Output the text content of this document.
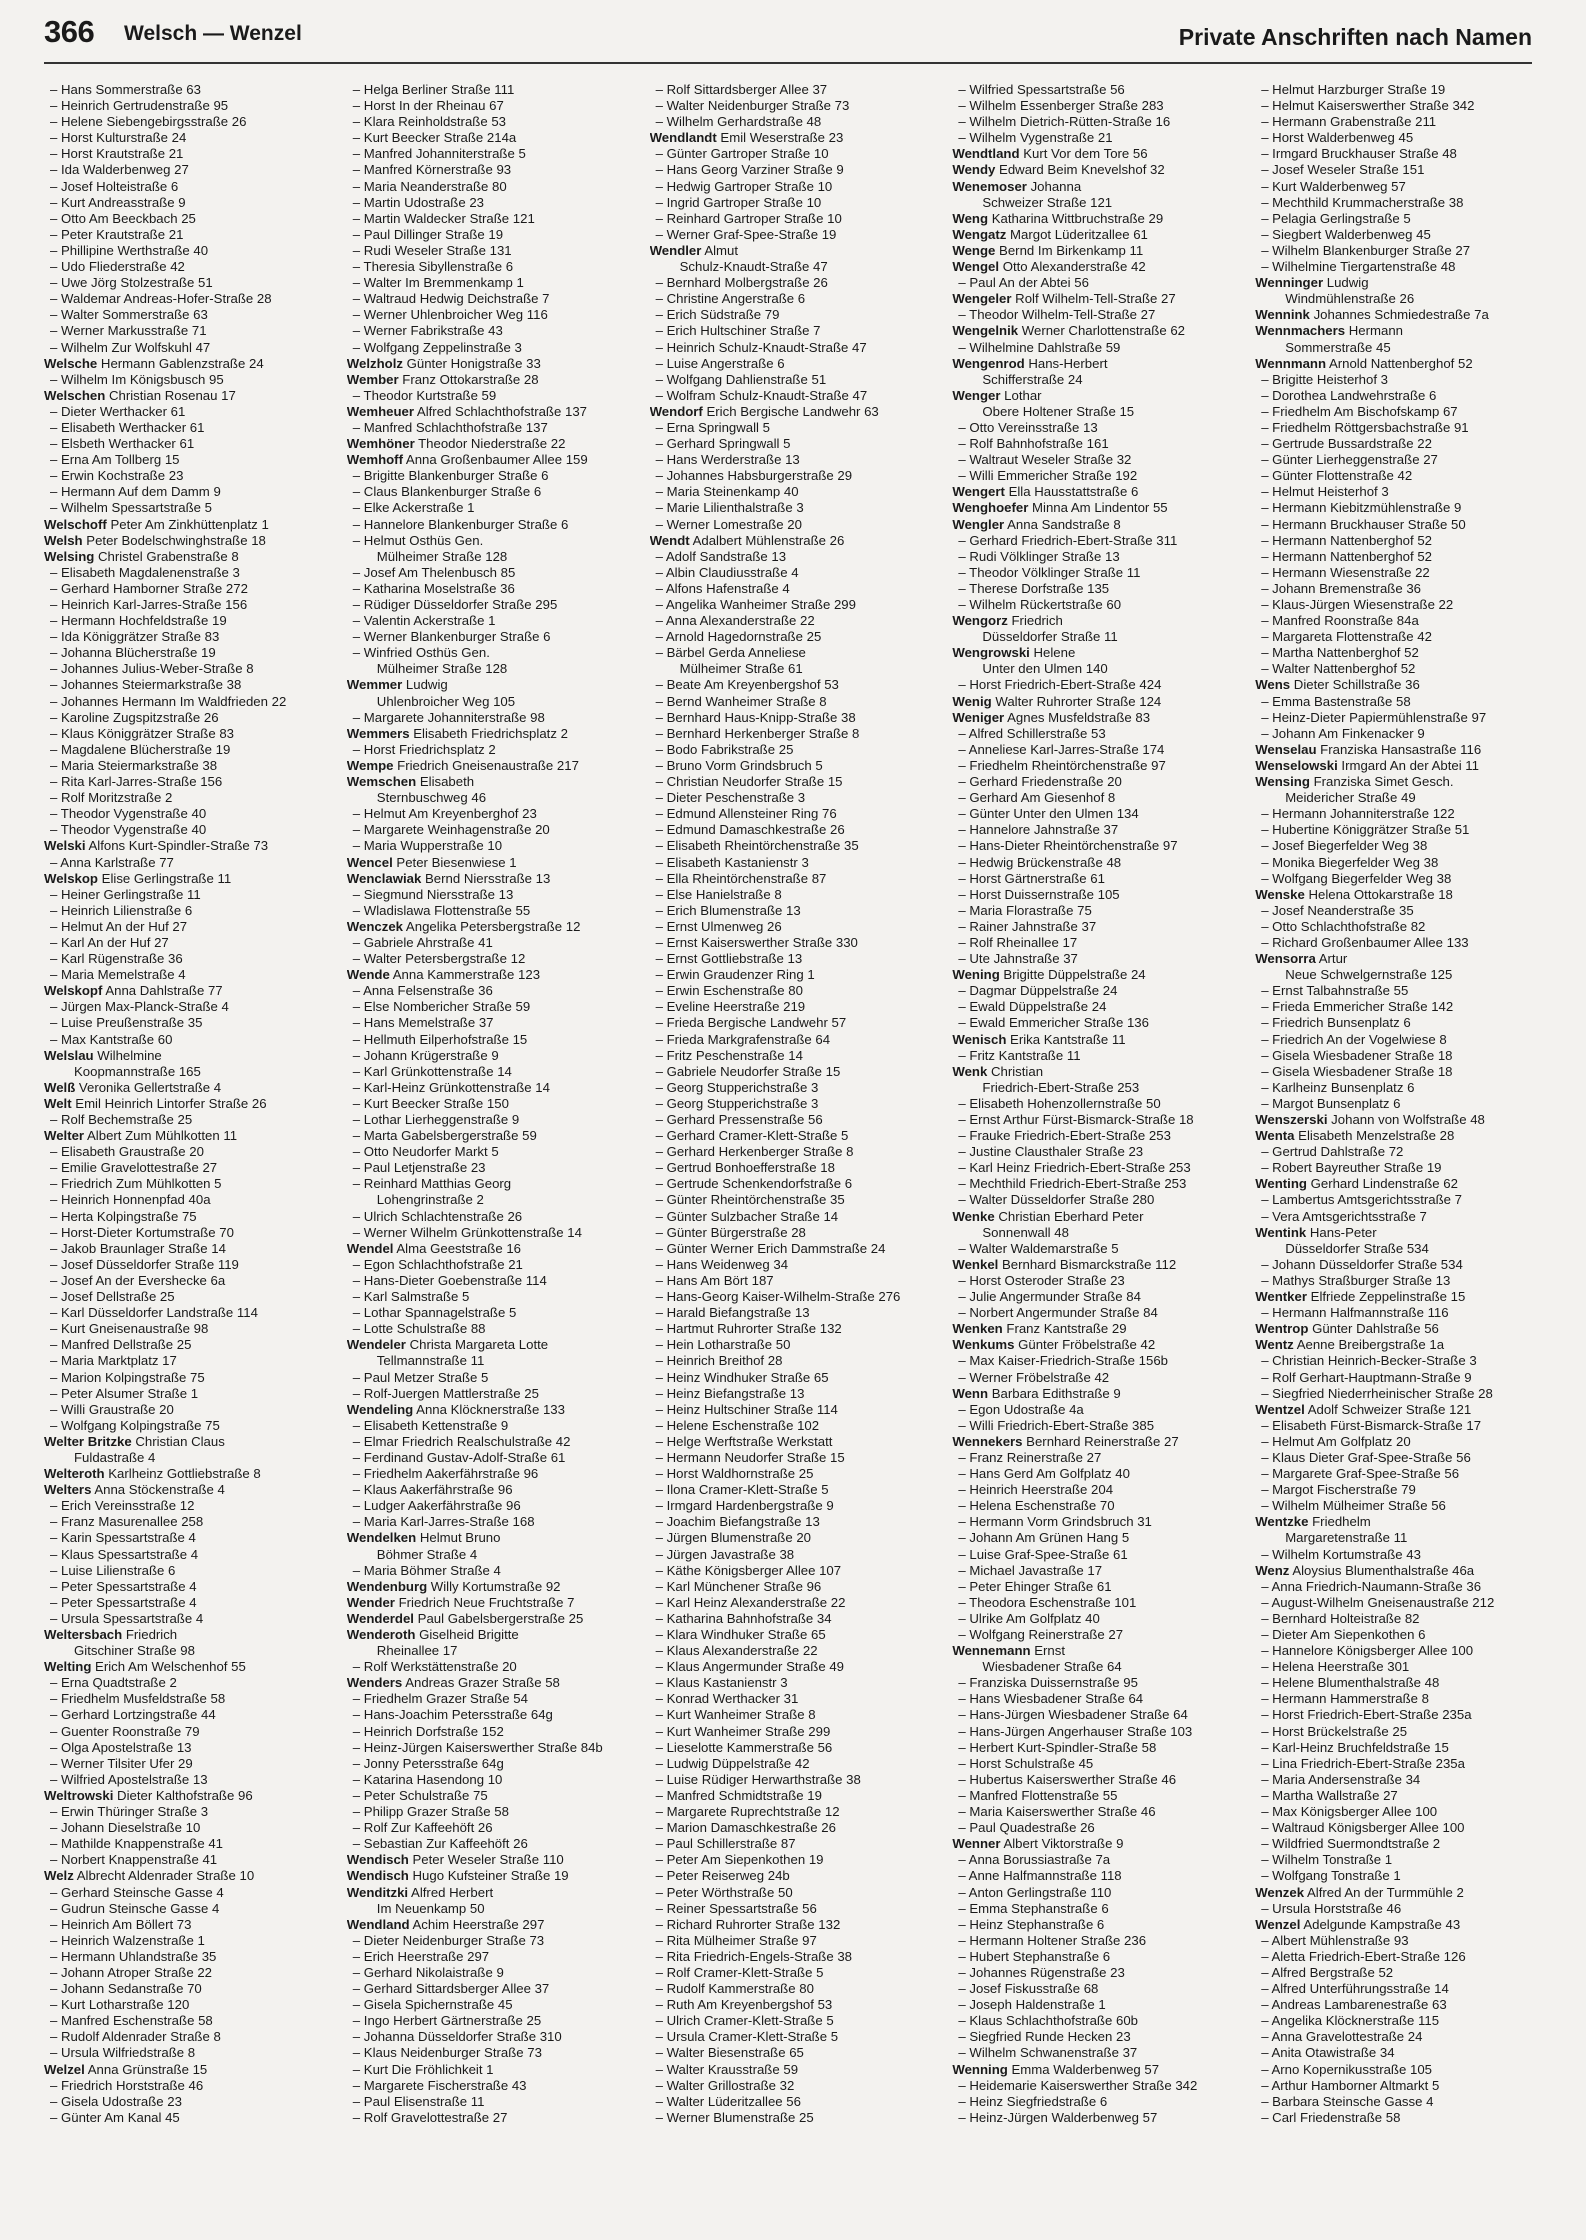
366 Welsch — Wenzel	Private Anschriften nach Namen
– Hans Sommerstraße 63
– Heinrich Gertrudenstraße 95
– Helene Siebengebirgsstraße 26
– Horst Kulturstraße 24
– Horst Krautstraße 21
– Ida Walderbenweg 27
– Josef Holteistraße 6
– Kurt Andreasstraße 9
– Otto Am Beeckbach 25
– Peter Krautstraße 21
– Phillipine Werthstraße 40
– Udo Fliederstraße 42
– Uwe Jörg Stolzestraße 51
– Waldemar Andreas-Hofer-Straße 28
– Walter Sommerstraße 63
– Werner Markusstraße 71
– Wilhelm Zur Wolfskuhl 47
Welsche Hermann Gablenzstraße 24
– Wilhelm Im Königsbusch 95
Welschen Christian Rosenau 17
– Dieter Werthacker 61
– Elisabeth Werthacker 61
– Elsbeth Werthacker 61
– Erna Am Tollberg 15
– Erwin Kochstraße 23
– Hermann Auf dem Damm 9
– Wilhelm Spessartstraße 5
Welschoff Peter Am Zinkhüttenplatz 1
Welsh Peter Bodelschwinghstraße 18
Welsing Christel Grabenstraße 8
– Elisabeth Magdalenenstraße 3
– Gerhard Hamborner Straße 272
– Heinrich Karl-Jarres-Straße 156
– Hermann Hochfeldstraße 19
– Ida Königgrätzer Straße 83
– Johanna Blücherstraße 19
– Johannes Julius-Weber-Straße 8
– Johannes Steiermarkstraße 38
– Johannes Hermann Im Waldfrieden 22
– Karoline Zugspitzstraße 26
– Klaus Königgrätzer Straße 83
– Magdalene Blücherstraße 19
– Maria Steiermarkstraße 38
– Rita Karl-Jarres-Straße 156
– Rolf Moritzstraße 2
– Theodor Vygenstraße 40
– Theodor Vygenstraße 40
Welski Alfons Kurt-Spindler-Straße 73
– Anna Karlstraße 77
Welskop Elise Gerlingstraße 11
– Heiner Gerlingstraße 11
– Heinrich Lilienstraße 6
– Helmut An der Huf 27
– Karl An der Huf 27
– Karl Rügenstraße 36
– Maria Memelstraße 4
Welskopf Anna Dahlstraße 77
– Jürgen Max-Planck-Straße 4
– Luise Preußenstraße 35
– Max Kantstraße 60
Welslau Wilhelmine
Koopmannstraße 165
Welß Veronika Gellertstraße 4
Welt Emil Heinrich Lintorfer Straße 26
– Rolf Bechemstraße 25
Welter Albert Zum Mühlkotten 11
– Elisabeth Graustraße 20
– Emilie Gravelottestraße 27
– Friedrich Zum Mühlkotten 5
– Heinrich Honnenpfad 40a
– Herta Kolpingstraße 75
– Horst-Dieter Kortumstraße 70
– Jakob Braunlager Straße 14
– Josef Düsseldorfer Straße 119
– Josef An der Evershecke 6a
– Josef Dellstraße 25
– Karl Düsseldorfer Landstraße 114
– Kurt Gneisenaustraße 98
– Manfred Dellstraße 25
– Maria Marktplatz 17
– Marion Kolpingstraße 75
– Peter Alsumer Straße 1
– Willi Graustraße 20
– Wolfgang Kolpingstraße 75
Welter Britzke Christian Claus
Fuldastraße 4
Welteroth Karlheinz Gottliebstraße 8
Welters Anna Stöckenstraße 4
– Erich Vereinsstraße 12
– Franz Masurenallee 258
– Karin Spessartstraße 4
– Klaus Spessartstraße 4
– Luise Lilienstraße 6
– Peter Spessartstraße 4
– Peter Spessartstraße 4
– Ursula Spessartstraße 4
Weltersbach Friedrich
Gitschiner Straße 98
Welting Erich Am Welschenhof 55
– Erna Quadtstraße 2
– Friedhelm Musfeldstraße 58
– Gerhard Lortzingstraße 44
– Guenter Roonstraße 79
– Olga Apostelstraße 13
– Werner Tilsiter Ufer 29
– Wilfried Apostelstraße 13
Weltrowski Dieter Kalthofstraße 96
– Erwin Thüringer Straße 3
– Johann Dieselstraße 10
– Mathilde Knappenstraße 41
– Norbert Knappenstraße 41
Welz Albrecht Aldenrader Straße 10
– Gerhard Steinsche Gasse 4
– Gudrun Steinsche Gasse 4
– Heinrich Am Böllert 73
– Heinrich Walzenstraße 1
– Hermann Uhlandstraße 35
– Johann Atroper Straße 22
– Johann Sedanstraße 70
– Kurt Lotharstraße 120
– Manfred Eschenstraße 58
– Rudolf Aldenrader Straße 8
– Ursula Wilfriedstraße 8
Welzel Anna Grünstraße 15
– Friedrich Horststraße 46
– Gisela Udostraße 23
– Günter Am Kanal 45
– Helga Berliner Straße 111
– Horst In der Rheinau 67
– Klara Reinholdstraße 53
– Kurt Beecker Straße 214a
– Manfred Johanniterstraße 5
– Manfred Körnerstraße 93
– Maria Neanderstraße 80
– Martin Udostraße 23
– Martin Waldecker Straße 121
– Paul Dillinger Straße 19
– Rudi Weseler Straße 131
– Theresia Sibyllenstraße 6
– Walter Im Bremmenkamp 1
– Waltraud Hedwig Deichstraße 7
– Werner Uhlenbroicher Weg 116
– Werner Fabrikstraße 43
– Wolfgang Zeppelinstraße 3
Welzholz Günter Honigstraße 33
Wember Franz Ottokarstraße 28
– Theodor Kurtstraße 59
Wemheuer Alfred Schlachthofstraße 137
– Manfred Schlachthofstraße 137
Wemhöner Theodor Niederstraße 22
Wemhoff Anna Großenbaumer Allee 159
– Brigitte Blankenburger Straße 6
– Claus Blankenburger Straße 6
– Elke Ackerstraße 1
– Hannelore Blankenburger Straße 6
– Helmut Osthüs Gen.
Mülheimer Straße 128
– Josef Am Thelenbusch 85
– Katharina Moselstraße 36
– Rüdiger Düsseldorfer Straße 295
– Valentin Ackerstraße 1
– Werner Blankenburger Straße 6
– Winfried Osthüs Gen.
Mülheimer Straße 128
Wemmer Ludwig
Uhlenbroicher Weg 105
– Margarete Johanniterstraße 98
Wemmers Elisabeth Friedrichsplatz 2
– Horst Friedrichsplatz 2
Wempe Friedrich Gneisenaustraße 217
Wemschen Elisabeth
Sternbuschweg 46
– Helmut Am Kreyenberghof 23
– Margarete Weinhagenstraße 20
– Maria Wupperstraße 10
Wencel Peter Biesenwiese 1
Wenclawiak Bernd Niersstraße 13
– Siegmund Niersstraße 13
– Wladislawa Flottenstraße 55
Wenczek Angelika Petersbergstraße 12
– Gabriele Ahrstraße 41
– Walter Petersbergstraße 12
Wende Anna Kammerstraße 123
– Anna Felsenstraße 36
– Else Nombericher Straße 59
– Hans Memelstraße 37
– Hellmuth Eilperhofstraße 15
– Johann Krügerstraße 9
– Karl Grünkottenstraße 14
– Karl-Heinz Grünkottenstraße 14
– Kurt Beecker Straße 150
– Lothar Lierheggenstraße 9
– Marta Gabelsbergerstraße 59
– Otto Neudorfer Markt 5
– Paul Letjenstraße 23
– Reinhard Matthias Georg
Lohengrinstraße 2
– Ulrich Schlachtenstraße 26
– Werner Wilhelm Grünkottenstraße 14
Wendel Alma Geeststraße 16
– Egon Schlachthofstraße 21
– Hans-Dieter Goebenstraße 114
– Karl Salmstraße 5
– Lothar Spannagelstraße 5
– Lotte Schulstraße 88
Wendeler Christa Margareta Lotte
Tellmannstraße 11
– Paul Metzer Straße 5
– Rolf-Juergen Mattlerstraße 25
Wendeling Anna Klöcknerstraße 133
– Elisabeth Kettenstraße 9
– Elmar Friedrich Realschulstraße 42
– Ferdinand Gustav-Adolf-Straße 61
– Friedhelm Aakerfährstraße 96
– Klaus Aakerfährstraße 96
– Ludger Aakerfährstraße 96
– Maria Karl-Jarres-Straße 168
Wendelken Helmut Bruno
Böhmer Straße 4
– Maria Böhmer Straße 4
Wendenburg Willy Kortumstraße 92
Wender Friedrich Neue Fruchtstraße 7
Wenderdel Paul Gabelsbergerstraße 25
Wenderoth Giselheid Brigitte
Rheinallee 17
– Rolf Werkstättenstraße 20
Wenders Andreas Grazer Straße 58
– Friedhelm Grazer Straße 54
– Hans-Joachim Petersstraße 64g
– Heinrich Dorfstraße 152
– Heinz-Jürgen Kaiserswerther Straße 84b
– Jonny Petersstraße 64g
– Katarina Hasendong 10
– Peter Schulstraße 75
– Philipp Grazer Straße 58
– Rolf Zur Kaffeehöft 26
– Sebastian Zur Kaffeehöft 26
Wendisch Peter Weseler Straße 110
Wendisch Hugo Kufsteiner Straße 19
Wenditzki Alfred Herbert
Im Neuenkamp 50
Wendland Achim Heerstraße 297
– Dieter Neidenburger Straße 73
– Erich Heerstraße 297
– Gerhard Nikolaistraße 9
– Gerhard Sittardsberger Allee 37
– Gisela Spichernstraße 45
– Ingo Herbert Gärtnerstraße 25
– Johanna Düsseldorfer Straße 310
– Klaus Neidenburger Straße 73
– Kurt Die Fröhlichkeit 1
– Margarete Fischerstraße 43
– Paul Elisenstraße 11
– Rolf Gravelottestraße 27
– Rolf Sittardsberger Allee 37
– Walter Neidenburger Straße 73
– Wilhelm Gerhardstraße 48
Wendlandt Emil Weserstraße 23
– Günter Gartroper Straße 10
– Hans Georg Varziner Straße 9
– Hedwig Gartroper Straße 10
– Ingrid Gartroper Straße 10
– Reinhard Gartroper Straße 10
– Werner Graf-Spee-Straße 19
Wendler Almut
Schulz-Knaudt-Straße 47
– Bernhard Molbergstraße 26
– Christine Angerstraße 6
– Erich Südstraße 79
– Erich Hultschiner Straße 7
– Heinrich Schulz-Knaudt-Straße 47
– Luise Angerstraße 6
– Wolfgang Dahlienstraße 51
– Wolfram Schulz-Knaudt-Straße 47
Wendorf Erich Bergische Landwehr 63
– Erna Springwall 5
– Gerhard Springwall 5
– Hans Werderstraße 13
– Johannes Habsburgerstraße 29
– Maria Steinenkamp 40
– Marie Lilienthalstraße 3
– Werner Lomestraße 20
Wendt Adalbert Mühlenstraße 26
– Adolf Sandstraße 13
– Albin Claudiusstraße 4
– Alfons Hafenstraße 4
– Angelika Wanheimer Straße 299
– Anna Alexanderstraße 22
– Arnold Hagedornstraße 25
– Bärbel Gerda Anneliese
Mülheimer Straße 61
– Beate Am Kreyenbergshof 53
– Bernd Wanheimer Straße 8
– Bernhard Haus-Knipp-Straße 38
– Bernhard Herkenberger Straße 8
– Bodo Fabrikstraße 25
– Bruno Vorm Grindsbruch 5
– Christian Neudorfer Straße 15
– Dieter Peschenstraße 3
– Edmund Allensteiner Ring 76
– Edmund Damaschkestraße 26
– Elisabeth Rheintörchenstraße 35
– Elisabeth Kastanienstr 3
– Ella Rheintörchenstraße 87
– Else Hanielstraße 8
– Erich Blumenstraße 13
– Ernst Ulmenweg 26
– Ernst Kaiserswerther Straße 330
– Ernst Gottliebstraße 13
– Erwin Graudenzer Ring 1
– Erwin Eschenstraße 80
– Eveline Heerstraße 219
– Frieda Bergische Landwehr 57
– Frieda Markgrafenstraße 64
– Fritz Peschenstraße 14
– Gabriele Neudorfer Straße 15
– Georg Stupperichstraße 3
– Georg Stupperichstraße 3
– Gerhard Pressenstraße 56
– Gerhard Cramer-Klett-Straße 5
– Gerhard Herkenberger Straße 8
– Gertrud Bonhoefferstraße 18
– Gertrude Schenkendorfstraße 6
– Günter Rheintörchenstraße 35
– Günter Sulzbacher Straße 14
– Günter Bürgerstraße 28
– Günter Werner Erich Dammstraße 24
– Hans Weidenweg 34
– Hans Am Bört 187
– Hans-Georg Kaiser-Wilhelm-Straße 276
– Harald Biefangstraße 13
– Hartmut Ruhrorter Straße 132
– Hein Lotharstraße 50
– Heinrich Breithof 28
– Heinz Windhuker Straße 65
– Heinz Biefangstraße 13
– Heinz Hultschiner Straße 114
– Helene Eschenstraße 102
– Helge Werftstraße Werkstatt
– Hermann Neudorfer Straße 15
– Horst Waldhornstraße 25
– Ilona Cramer-Klett-Straße 5
– Irmgard Hardenbergstraße 9
– Joachim Biefangstraße 13
– Jürgen Blumenstraße 20
– Jürgen Javastraße 38
– Käthe Königsberger Allee 107
– Karl Münchener Straße 96
– Karl Heinz Alexanderstraße 22
– Katharina Bahnhofstraße 34
– Klara Windhuker Straße 65
– Klaus Alexanderstraße 22
– Klaus Angermunder Straße 49
– Klaus Kastanienstr 3
– Konrad Werthacker 31
– Kurt Wanheimer Straße 8
– Kurt Wanheimer Straße 299
– Lieselotte Kammerstraße 56
– Ludwig Düppelstraße 42
– Luise Rüdiger Herwarthstraße 38
– Manfred Schmidtstraße 19
– Margarete Ruprechtstraße 12
– Marion Damaschkestraße 26
– Paul Schillerstraße 87
– Peter Am Siepenkothen 19
– Peter Reiserweg 24b
– Peter Wörthstraße 50
– Reiner Spessartstraße 56
– Richard Ruhrorter Straße 132
– Rita Mülheimer Straße 97
– Rita Friedrich-Engels-Straße 38
– Rolf Cramer-Klett-Straße 5
– Rudolf Kammerstraße 80
– Ruth Am Kreyenbergshof 53
– Ulrich Cramer-Klett-Straße 5
– Ursula Cramer-Klett-Straße 5
– Walter Biesenstraße 65
– Walter Krausstraße 59
– Walter Grillostraße 32
– Walter Lüderitzallee 56
– Werner Blumenstraße 25
– Wilfried Spessartstraße 56
– Wilhelm Essenberger Straße 283
– Wilhelm Dietrich-Rütten-Straße 16
– Wilhelm Vygenstraße 21
Wendtland Kurt Vor dem Tore 56
Wendy Edward Beim Knevelshof 32
Wenemoser Johanna
Schweizer Straße 121
Weng Katharina Wittbruchstraße 29
Wengatz Margot Lüderitzallee 61
Wenge Bernd Im Birkenkamp 11
Wengel Otto Alexanderstraße 42
– Paul An der Abtei 56
Wengeler Rolf Wilhelm-Tell-Straße 27
– Theodor Wilhelm-Tell-Straße 27
Wengelnik Werner Charlottenstraße 62
– Wilhelmine Dahlstraße 59
Wengenrod Hans-Herbert
Schifferstraße 24
Wenger Lothar
Obere Holtener Straße 15
– Otto Vereinsstraße 13
– Rolf Bahnhofstraße 161
– Waltraut Weseler Straße 32
– Willi Emmericher Straße 192
Wengert Ella Hausstattstraße 6
Wenghoefer Minna Am Lindentor 55
Wengler Anna Sandstraße 8
– Gerhard Friedrich-Ebert-Straße 311
– Rudi Völklinger Straße 13
– Theodor Völklinger Straße 11
– Therese Dorfstraße 135
– Wilhelm Rückertstraße 60
Wengorz Friedrich
Düsseldorfer Straße 11
Wengrowski Helene
Unter den Ulmen 140
– Horst Friedrich-Ebert-Straße 424
Wenig Walter Ruhrorter Straße 124
Weniger Agnes Musfeldstraße 83
– Alfred Schillerstraße 53
– Anneliese Karl-Jarres-Straße 174
– Friedhelm Rheintörchenstraße 97
– Gerhard Friedenstraße 20
– Gerhard Am Giesenhof 8
– Günter Unter den Ulmen 134
– Hannelore Jahnstraße 37
– Hans-Dieter Rheintörchenstraße 97
– Hedwig Brückenstraße 48
– Horst Gärtnerstraße 61
– Horst Duissernstraße 105
– Maria Florastraße 75
– Rainer Jahnstraße 37
– Rolf Rheinallee 17
– Ute Jahnstraße 37
Wening Brigitte Düppelstraße 24
– Dagmar Düppelstraße 24
– Ewald Düppelstraße 24
– Ewald Emmericher Straße 136
Wenisch Erika Kantstraße 11
– Fritz Kantstraße 11
Wenk Christian
Friedrich-Ebert-Straße 253
– Elisabeth Hohenzollernstraße 50
– Ernst Arthur Fürst-Bismarck-Straße 18
– Frauke Friedrich-Ebert-Straße 253
– Justine Clausthaler Straße 23
– Karl Heinz Friedrich-Ebert-Straße 253
– Mechthild Friedrich-Ebert-Straße 253
– Walter Düsseldorfer Straße 280
Wenke Christian Eberhard Peter
Sonnenwall 48
– Walter Waldemarstraße 5
Wenkel Bernhard Bismarckstraße 112
– Horst Osteroder Straße 23
– Julie Angermunder Straße 84
– Norbert Angermunder Straße 84
Wenken Franz Kantstraße 29
Wenkums Günter Fröbelstraße 42
– Max Kaiser-Friedrich-Straße 156b
– Werner Fröbelstraße 42
Wenn Barbara Edithstraße 9
– Egon Udostraße 4a
– Willi Friedrich-Ebert-Straße 385
Wennekers Bernhard Reinerstraße 27
– Franz Reinerstraße 27
– Hans Gerd Am Golfplatz 40
– Heinrich Heerstraße 204
– Helena Eschenstraße 70
– Hermann Vorm Grindsbruch 31
– Johann Am Grünen Hang 5
– Luise Graf-Spee-Straße 61
– Michael Javastraße 17
– Peter Ehinger Straße 61
– Theodora Eschenstraße 101
– Ulrike Am Golfplatz 40
– Wolfgang Reinerstraße 27
Wennemann Ernst
Wiesbadener Straße 64
– Franziska Duissernstraße 95
– Hans Wiesbadener Straße 64
– Hans-Jürgen Wiesbadener Straße 64
– Hans-Jürgen Angerhauser Straße 103
– Herbert Kurt-Spindler-Straße 58
– Horst Schulstraße 45
– Hubertus Kaiserswerther Straße 46
– Manfred Flottenstraße 55
– Maria Kaiserswerther Straße 46
– Paul Quadestraße 26
Wenner Albert Viktorstraße 9
– Anna Borussiastraße 7a
– Anne Halfmannstraße 118
– Anton Gerlingstraße 110
– Emma Stephanstraße 6
– Heinz Stephanstraße 6
– Hermann Holtener Straße 236
– Hubert Stephanstraße 6
– Johannes Rügenstraße 23
– Josef Fiskusstraße 68
– Joseph Haldenstraße 1
– Klaus Schlachthofstraße 60b
– Siegfried Runde Hecken 23
– Wilhelm Schwanenstraße 37
Wenning Emma Walderbenweg 57
– Heidemarie Kaiserswerther Straße 342
– Heinz Siegfriedstraße 6
– Heinz-Jürgen Walderbenweg 57
– Helmut Harzburger Straße 19
– Helmut Kaiserswerther Straße 342
– Hermann Grabenstraße 211
– Horst Walderbenweg 45
– Irmgard Bruckhauser Straße 48
– Josef Weseler Straße 151
– Kurt Walderbenweg 57
– Mechthild Krummacherstraße 38
– Pelagia Gerlingstraße 5
– Siegbert Walderbenweg 45
– Wilhelm Blankenburger Straße 27
– Wilhelmine Tiergartenstraße 48
Wenninger Ludwig
Windmühlenstraße 26
Wennink Johannes Schmiedestraße 7a
Wennmachers Hermann
Sommerstraße 45
Wennmann Arnold Nattenberghof 52
– Brigitte Heisterhof 3
– Dorothea Landwehrstraße 6
– Friedhelm Am Bischofskamp 67
– Friedhelm Röttgersbachstraße 91
– Gertrude Bussardstraße 22
– Günter Lierheggenstraße 27
– Günter Flottenstraße 42
– Helmut Heisterhof 3
– Hermann Kiebitzmühlenstraße 9
– Hermann Bruckhauser Straße 50
– Hermann Nattenberghof 52
– Hermann Nattenberghof 52
– Hermann Wiesenstraße 22
– Johann Bremenstraße 36
– Klaus-Jürgen Wiesenstraße 22
– Manfred Roonstraße 84a
– Margareta Flottenstraße 42
– Martha Nattenberghof 52
– Walter Nattenberghof 52
Wens Dieter Schillstraße 36
– Emma Bastenstraße 58
– Heinz-Dieter Papiermühlenstraße 97
– Johann Am Finkenacker 9
Wenselau Franziska Hansastraße 116
Wenselowski Irmgard An der Abtei 11
Wensing Franziska Simet Gesch.
Meidericher Straße 49
– Hermann Johanniterstraße 122
– Hubertine Königgrätzer Straße 51
– Josef Biegerfelder Weg 38
– Monika Biegerfelder Weg 38
– Wolfgang Biegerfelder Weg 38
Wenske Helena Ottokarstraße 18
– Josef Neanderstraße 35
– Otto Schlachthofstraße 82
– Richard Großenbaumer Allee 133
Wensorra Artur
Neue Schwelgernstraße 125
– Ernst Talbahnstraße 55
– Frieda Emmericher Straße 142
– Friedrich Bunsenplatz 6
– Friedrich An der Vogelwiese 8
– Gisela Wiesbadener Straße 18
– Gisela Wiesbadener Straße 18
– Karlheinz Bunsenplatz 6
– Margot Bunsenplatz 6
Wenszerski Johann von Wolfstraße 48
Wenta Elisabeth Menzelstraße 28
– Gertrud Dahlstraße 72
– Robert Bayreuther Straße 19
Wenting Gerhard Lindenstraße 62
– Lambertus Amtsgerichtsstraße 7
– Vera Amtsgerichtsstraße 7
Wentink Hans-Peter
Düsseldorfer Straße 534
– Johann Düsseldorfer Straße 534
– Mathys Straßburger Straße 13
Wentker Elfriede Zeppelinstraße 15
– Hermann Halfmannstraße 116
Wentrop Günter Dahlstraße 56
Wentz Aenne Breibergstraße 1a
– Christian Heinrich-Becker-Straße 3
– Rolf Gerhart-Hauptmann-Straße 9
– Siegfried Niederrheinischer Straße 28
Wentzel Adolf Schweizer Straße 121
– Elisabeth Fürst-Bismarck-Straße 17
– Helmut Am Golfplatz 20
– Klaus Dieter Graf-Spee-Straße 56
– Margarete Graf-Spee-Straße 56
– Margot Fischerstraße 79
– Wilhelm Mülheimer Straße 56
Wentzke Friedhelm
Margaretenstraße 11
– Wilhelm Kortumstraße 43
Wenz Aloysius Blumenthalstraße 46a
– Anna Friedrich-Naumann-Straße 36
– August-Wilhelm Gneisenaustraße 212
– Bernhard Holteistraße 82
– Dieter Am Siepenkothen 6
– Hannelore Königsberger Allee 100
– Helena Heerstraße 301
– Helene Blumenthalstraße 48
– Hermann Hammerstraße 8
– Horst Friedrich-Ebert-Straße 235a
– Horst Brückelstraße 25
– Karl-Heinz Bruchfeldstraße 15
– Lina Friedrich-Ebert-Straße 235a
– Maria Andersenstraße 34
– Martha Wallstraße 27
– Max Königsberger Allee 100
– Waltraud Königsberger Allee 100
– Wildfried Suermondtstraße 2
– Wilhelm Tonstraße 1
– Wolfgang Tonstraße 1
Wenzek Alfred An der Turmmühle 2
– Ursula Horststraße 46
Wenzel Adelgunde Kampstraße 43
– Albert Mühlenstraße 93
– Aletta Friedrich-Ebert-Straße 126
– Alfred Bergstraße 52
– Alfred Unterführungsstraße 14
– Andreas Lambarenestraße 63
– Angelika Klöcknerstraße 115
– Anna Gravelottestraße 24
– Anita Otawistraße 34
– Arno Kopernikusstraße 105
– Arthur Hamborner Altmarkt 5
– Barbara Steinsche Gasse 4
– Carl Friedenstraße 58
